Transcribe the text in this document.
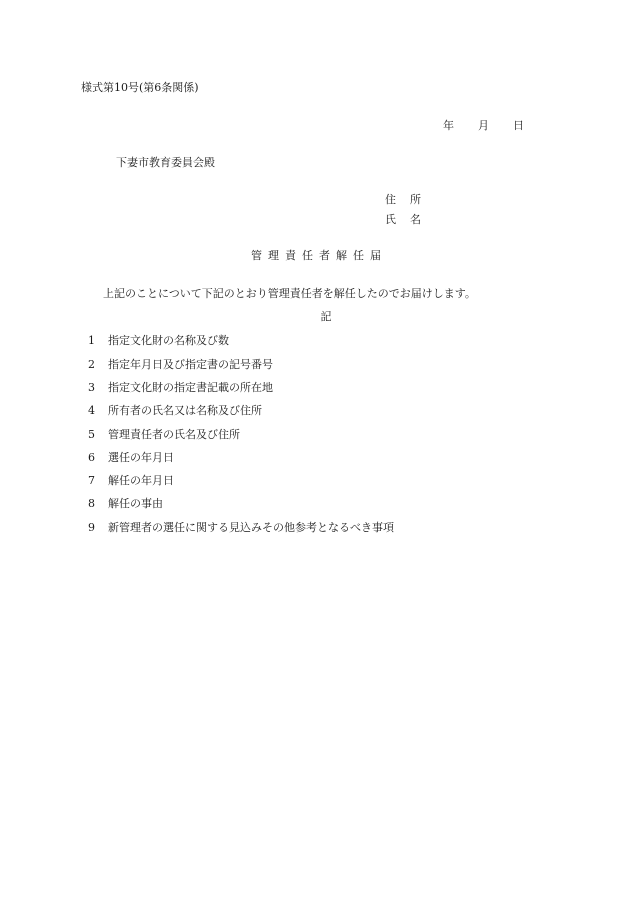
様式第10号(第6条関係)
年 月 日
下妻市教育委員会殿
住 所
氏 名
管理責任者解任届
上記のことについて下記のとおり管理責任者を解任したのでお届けします。
記
1 指定文化財の名称及び数
2 指定年月日及び指定書の記号番号
3 指定文化財の指定書記載の所在地
4 所有者の氏名又は名称及び住所
5 管理責任者の氏名及び住所
6 選任の年月日
7 解任の年月日
8 解任の事由
9 新管理者の選任に関する見込みその他参考となるべき事項
